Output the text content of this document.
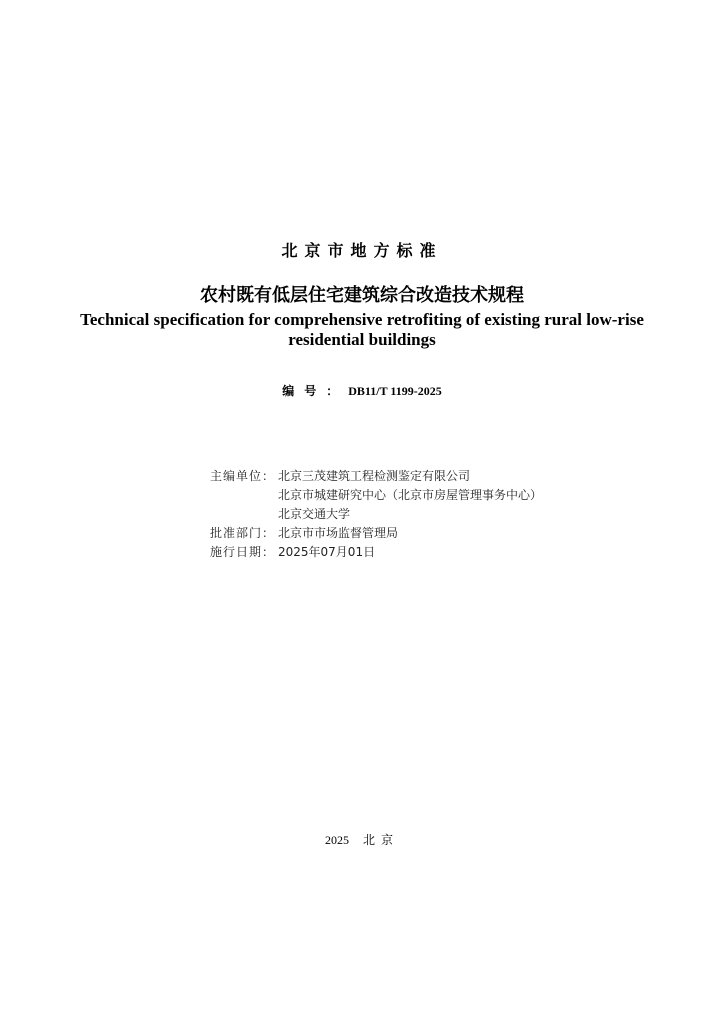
北京市地方标准
农村既有低层住宅建筑综合改造技术规程
Technical specification for comprehensive retrofiting of existing rural low-rise residential buildings
编号：DB11/T 1199-2025
主编单位： 北京三茂建筑工程检测鉴定有限公司
北京市城建研究中心（北京市房屋管理事务中心）
北京交通大学
批准部门： 北京市市场监督管理局
施行日期： 2025年07月01日
2025 北京
